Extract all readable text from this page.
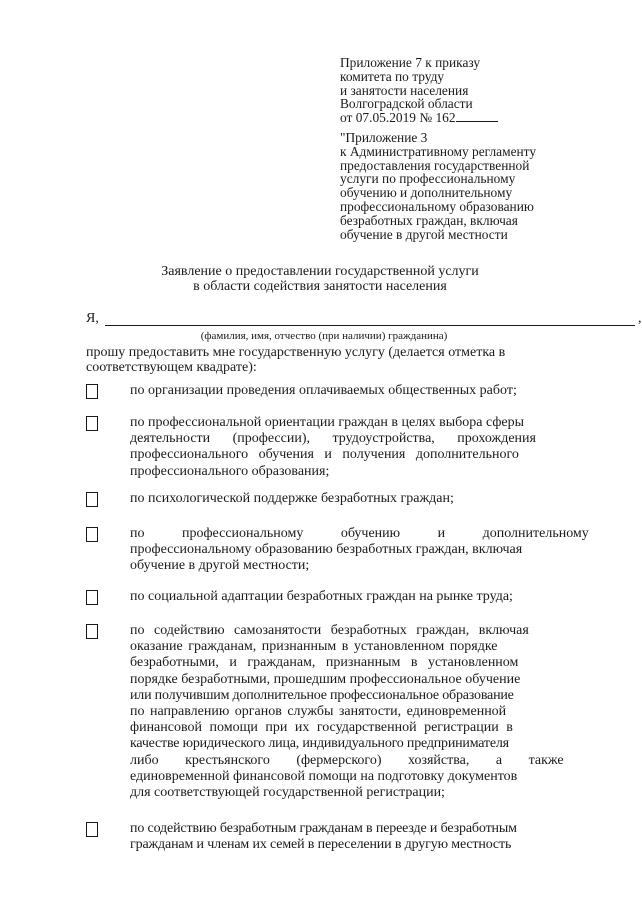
Приложение 7 к приказу
комитета по труду
и занятости населения
Волгоградской области
от 07.05.2019 № 162
"Приложение 3
к Административному регламенту
предоставления государственной
услуги по профессиональному
обучению и дополнительному
профессиональному образованию
безработных граждан, включая
обучение в другой местности
Заявление о предоставлении государственной услуги
в области содействия занятости населения
Я,	,
(фамилия, имя, отчество (при наличии) гражданина)
прошу предоставить мне государственную услугу (делается отметка в
соответствующем квадрате):
по организации проведения оплачиваемых общественных работ;
по профессиональной ориентации граждан в целях выбора сферы
деятельности (профессии), трудоустройства, прохождения
профессионального обучения и получения дополнительного
профессионального образования;
по психологической поддержке безработных граждан;
по профессиональному обучению и дополнительному
профессиональному образованию безработных граждан, включая
обучение в другой местности;
по социальной адаптации безработных граждан на рынке труда;
по содействию самозанятости безработных граждан, включая
оказание гражданам, признанным в установленном порядке
безработными, и гражданам, признанным в установленном
порядке безработными, прошедшим профессиональное обучение
или получившим дополнительное профессиональное образование
по направлению органов службы занятости, единовременной
финансовой помощи при их государственной регистрации в
качестве юридического лица, индивидуального предпринимателя
либо крестьянского (фермерского) хозяйства, а также
единовременной финансовой помощи на подготовку документов
для соответствующей государственной регистрации;
по содействию безработным гражданам в переезде и безработным
гражданам и членам их семей в переселении в другую местность
